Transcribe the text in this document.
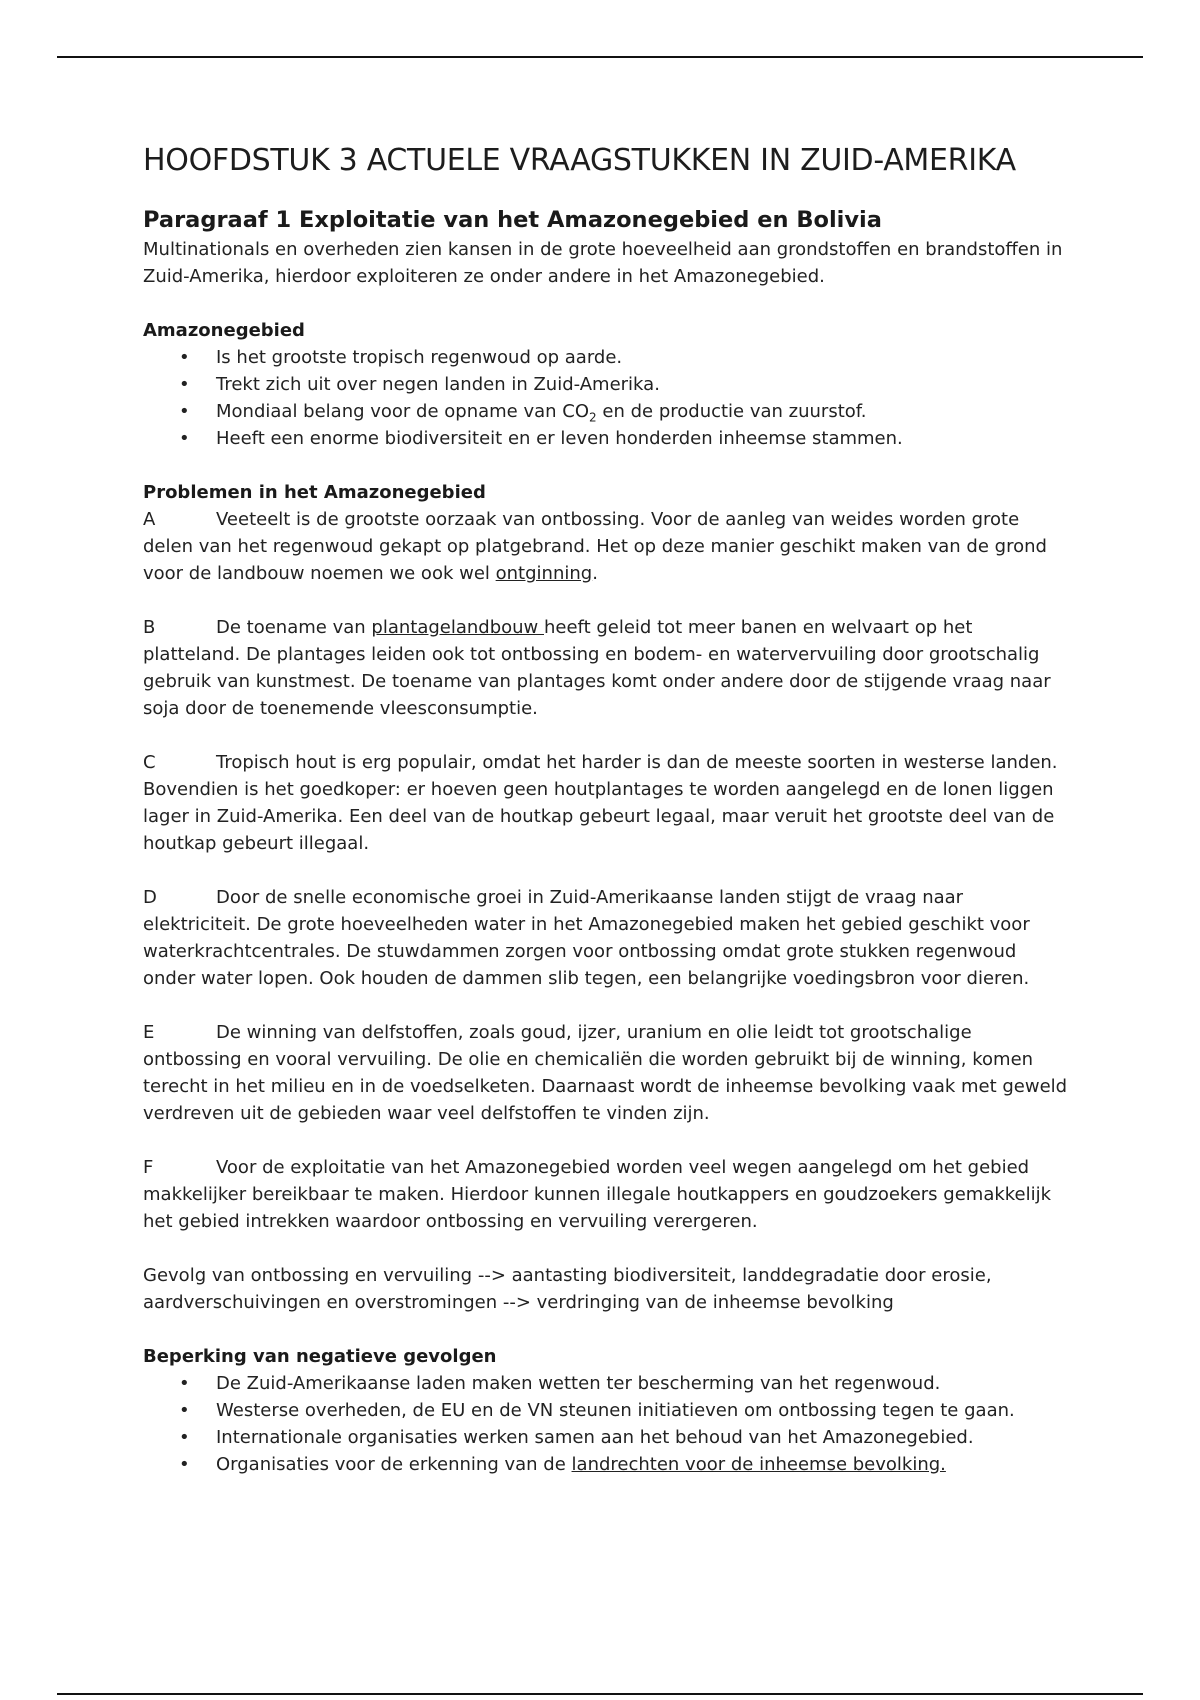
HOOFDSTUK 3 ACTUELE VRAAGSTUKKEN IN ZUID-AMERIKA
Paragraaf 1 Exploitatie van het Amazonegebied en Bolivia

Multinationals en overheden zien kansen in de grote hoeveelheid aan grondstoffen en brandstoffen in Zuid-Amerika, hierdoor exploiteren ze onder andere in het Amazonegebied.

Amazonegebied
• Is het grootste tropisch regenwoud op aarde.
• Trekt zich uit over negen landen in Zuid-Amerika.
• Mondiaal belang voor de opname van $CO_2$ en de productie van zuurstof.
• Heeft een enorme biodiversiteit en er leven honderden inheemse stammen.
Problemen in het Amazonegebied

A	Veeteelt is de grootste oorzaak van ontbossing. Voor de aanleg van weides worden grote delen van het regenwoud gekapt op platgebrand. Het op deze manier geschikt maken van de grond voor de landbouw noemen we ook wel ontginning.

B	De toename van plantagelandbouw heeft geleid tot meer banen en welvaart op het platteland. De plantages leiden ook tot ontbossing en bodem- en watervervuiling door grootschalig gebruik van kunstmest. De toename van plantages komt onder andere door de stijgende vraag naar soja door de toenemende vleesconsumptie.

C	Tropisch hout is erg populair, omdat het harder is dan de meeste soorten in westerse landen. Bovendien is het goedkoper: er hoeven geen houtplantages te worden aangelegd en de lonen liggen lager in Zuid-Amerika. Een deel van de houtkap gebeurt legaal, maar veruit het grootste deel van de houtkap gebeurt illegaal.

D	Door de snelle economische groei in Zuid-Amerikaanse landen stijgt de vraag naar elektriciteit. De grote hoeveelheden water in het Amazonegebied maken het gebied geschikt voor waterkrachtcentrales. De stuwdammen zorgen voor ontbossing omdat grote stukken regenwoud onder water lopen. Ook houden de dammen slib tegen, een belangrijke voedingsbron voor dieren.

E	De winning van delfstoffen, zoals goud, ijzer, uranium en olie leidt tot grootschalige ontbossing en vooral vervuiling. De olie en chemicaliën die worden gebruikt bij de winning, komen terecht in het milieu en in de voedselketen. Daarnaast wordt de inheemse bevolking vaak met geweld verdreven uit de gebieden waar veel delfstoffen te vinden zijn.

F	Voor de exploitatie van het Amazonegebied worden veel wegen aangelegd om het gebied makkelijker bereikbaar te maken. Hierdoor kunnen illegale houtkappers en goudzoekers gemakkelijk het gebied intrekken waardoor ontbossing en vervuiling verergeren.

Gevolg van ontbossing en vervuiling --> aantasting biodiversiteit, landdegradatie door erosie, aardverschuivingen en overstromingen --> verdringing van de inheemse bevolking

Beperking van negatieve gevolgen
• De Zuid-Amerikaanse laden maken wetten ter bescherming van het regenwoud.
• Westerse overheden, de EU en de VN steunen initiatieven om ontbossing tegen te gaan.
• Internationale organisaties werken samen aan het behoud van het Amazonegebied.
• Organisaties voor de erkenning van de landrechten voor de inheemse bevolking.
